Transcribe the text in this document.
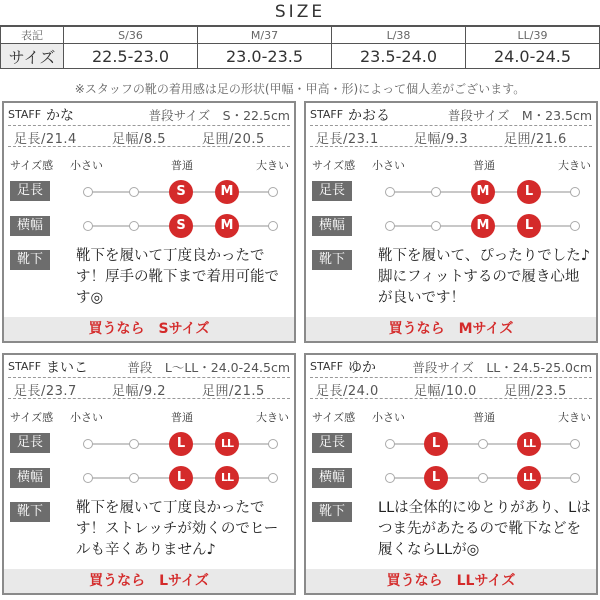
SIZE
表記	S/36	M/37	L/38	LL/39
サイズ	22.5-23.0	23.0-23.5	23.5-24.0	24.0-24.5
※スタッフの靴の着用感は足の形状(甲幅・甲高・形)によって個人差がございます。
STAFF かな	普段サイズ　S・22.5cm
足長/21.4	足幅/8.5	足囲/20.5
サイズ感 小さい	普通	大きい
足長	S	M
横幅	S	M
靴下	靴下を履いて丁度良かったです！厚手の靴下まで着用可能です◎
買うなら　Sサイズ
STAFF かおる	普段サイズ　M・23.5cm
足長/23.1	足幅/9.3	足囲/21.6
サイズ感 小さい	普通	大きい
足長	M	L
横幅	M	L
靴下	靴下を履いて、ぴったりでした♪脚にフィットするので履き心地が良いです！
買うなら　Mサイズ
STAFF まいこ	普段　L～LL・24.0-24.5cm
足長/23.7	足幅/9.2	足囲/21.5
サイズ感 小さい	普通	大きい
足長	L	LL
横幅	L	LL
靴下	靴下を履いて丁度良かったです！ストレッチが効くのでヒールも辛くありません♪
買うなら　Lサイズ
STAFF ゆか	普段サイズ　LL・24.5-25.0cm
足長/24.0	足幅/10.0 足囲/23.5
サイズ感 小さい	普通	大きい
足長	L	LL
横幅	L	LL
靴下	LLは全体的にゆとりがあり、Lはつま先があたるので靴下などを履くならLLが◎
買うなら　LLサイズ
